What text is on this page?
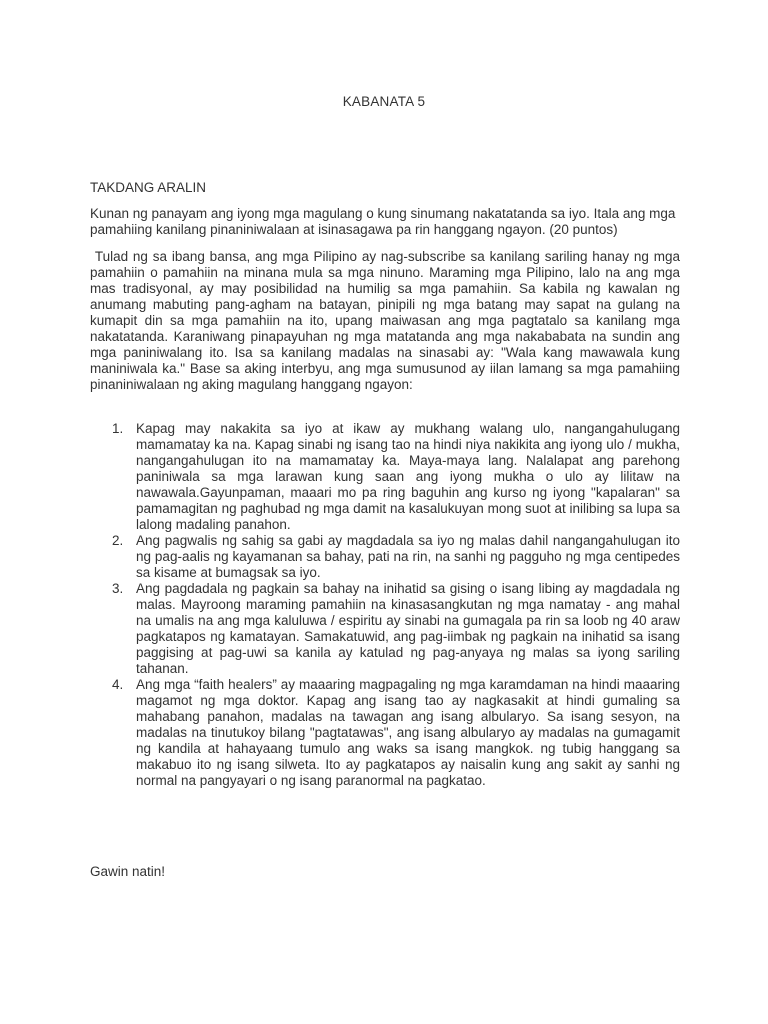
KABANATA 5
TAKDANG ARALIN
Kunan ng panayam ang iyong mga magulang o kung sinumang nakatatanda sa iyo. Itala ang mga pamahiing kanilang pinaniniwalaan at isinasagawa pa rin hanggang ngayon. (20 puntos)
Tulad ng sa ibang bansa, ang mga Pilipino ay nag-subscribe sa kanilang sariling hanay ng mga pamahiin o pamahiin na minana mula sa mga ninuno. Maraming mga Pilipino, lalo na ang mga mas tradisyonal, ay may posibilidad na humilig sa mga pamahiin. Sa kabila ng kawalan ng anumang mabuting pang-agham na batayan, pinipili ng mga batang may sapat na gulang na kumapit din sa mga pamahiin na ito, upang maiwasan ang mga pagtatalo sa kanilang mga nakatatanda. Karaniwang pinapayuhan ng mga matatanda ang mga nakababata na sundin ang mga paniniwalang ito. Isa sa kanilang madalas na sinasabi ay: "Wala kang mawawala kung maniniwala ka." Base sa aking interbyu, ang mga sumusunod ay iilan lamang sa mga pamahiing pinaniniwalaan ng aking magulang hanggang ngayon:
1. Kapag may nakakita sa iyo at ikaw ay mukhang walang ulo, nangangahulugang mamamatay ka na. Kapag sinabi ng isang tao na hindi niya nakikita ang iyong ulo / mukha, nangangahulugan ito na mamamatay ka. Maya-maya lang. Nalalapat ang parehong paniniwala sa mga larawan kung saan ang iyong mukha o ulo ay lilitaw na nawawala.Gayunpaman, maaari mo pa ring baguhin ang kurso ng iyong "kapalaran" sa pamamagitan ng paghubad ng mga damit na kasalukuyan mong suot at inilibing sa lupa sa lalong madaling panahon.
2. Ang pagwalis ng sahig sa gabi ay magdadala sa iyo ng malas dahil nangangahulugan ito ng pag-aalis ng kayamanan sa bahay, pati na rin, na sanhi ng pagguho ng mga centipedes sa kisame at bumagsak sa iyo.
3. Ang pagdadala ng pagkain sa bahay na inihatid sa gising o isang libing ay magdadala ng malas. Mayroong maraming pamahiin na kinasasangkutan ng mga namatay - ang mahal na umalis na ang mga kaluluwa / espiritu ay sinabi na gumagala pa rin sa loob ng 40 araw pagkatapos ng kamatayan. Samakatuwid, ang pag-iimbak ng pagkain na inihatid sa isang paggising at pag-uwi sa kanila ay katulad ng pag-anyaya ng malas sa iyong sariling tahanan.
4. Ang mga “faith healers” ay maaaring magpagaling ng mga karamdaman na hindi maaaring magamot ng mga doktor. Kapag ang isang tao ay nagkasakit at hindi gumaling sa mahabang panahon, madalas na tawagan ang isang albularyo. Sa isang sesyon, na madalas na tinutukoy bilang "pagtatawas", ang isang albularyo ay madalas na gumagamit ng kandila at hahayaang tumulo ang waks sa isang mangkok. ng tubig hanggang sa makabuo ito ng isang silweta. Ito ay pagkatapos ay naisalin kung ang sakit ay sanhi ng normal na pangyayari o ng isang paranormal na pagkatao.
Gawin natin!
